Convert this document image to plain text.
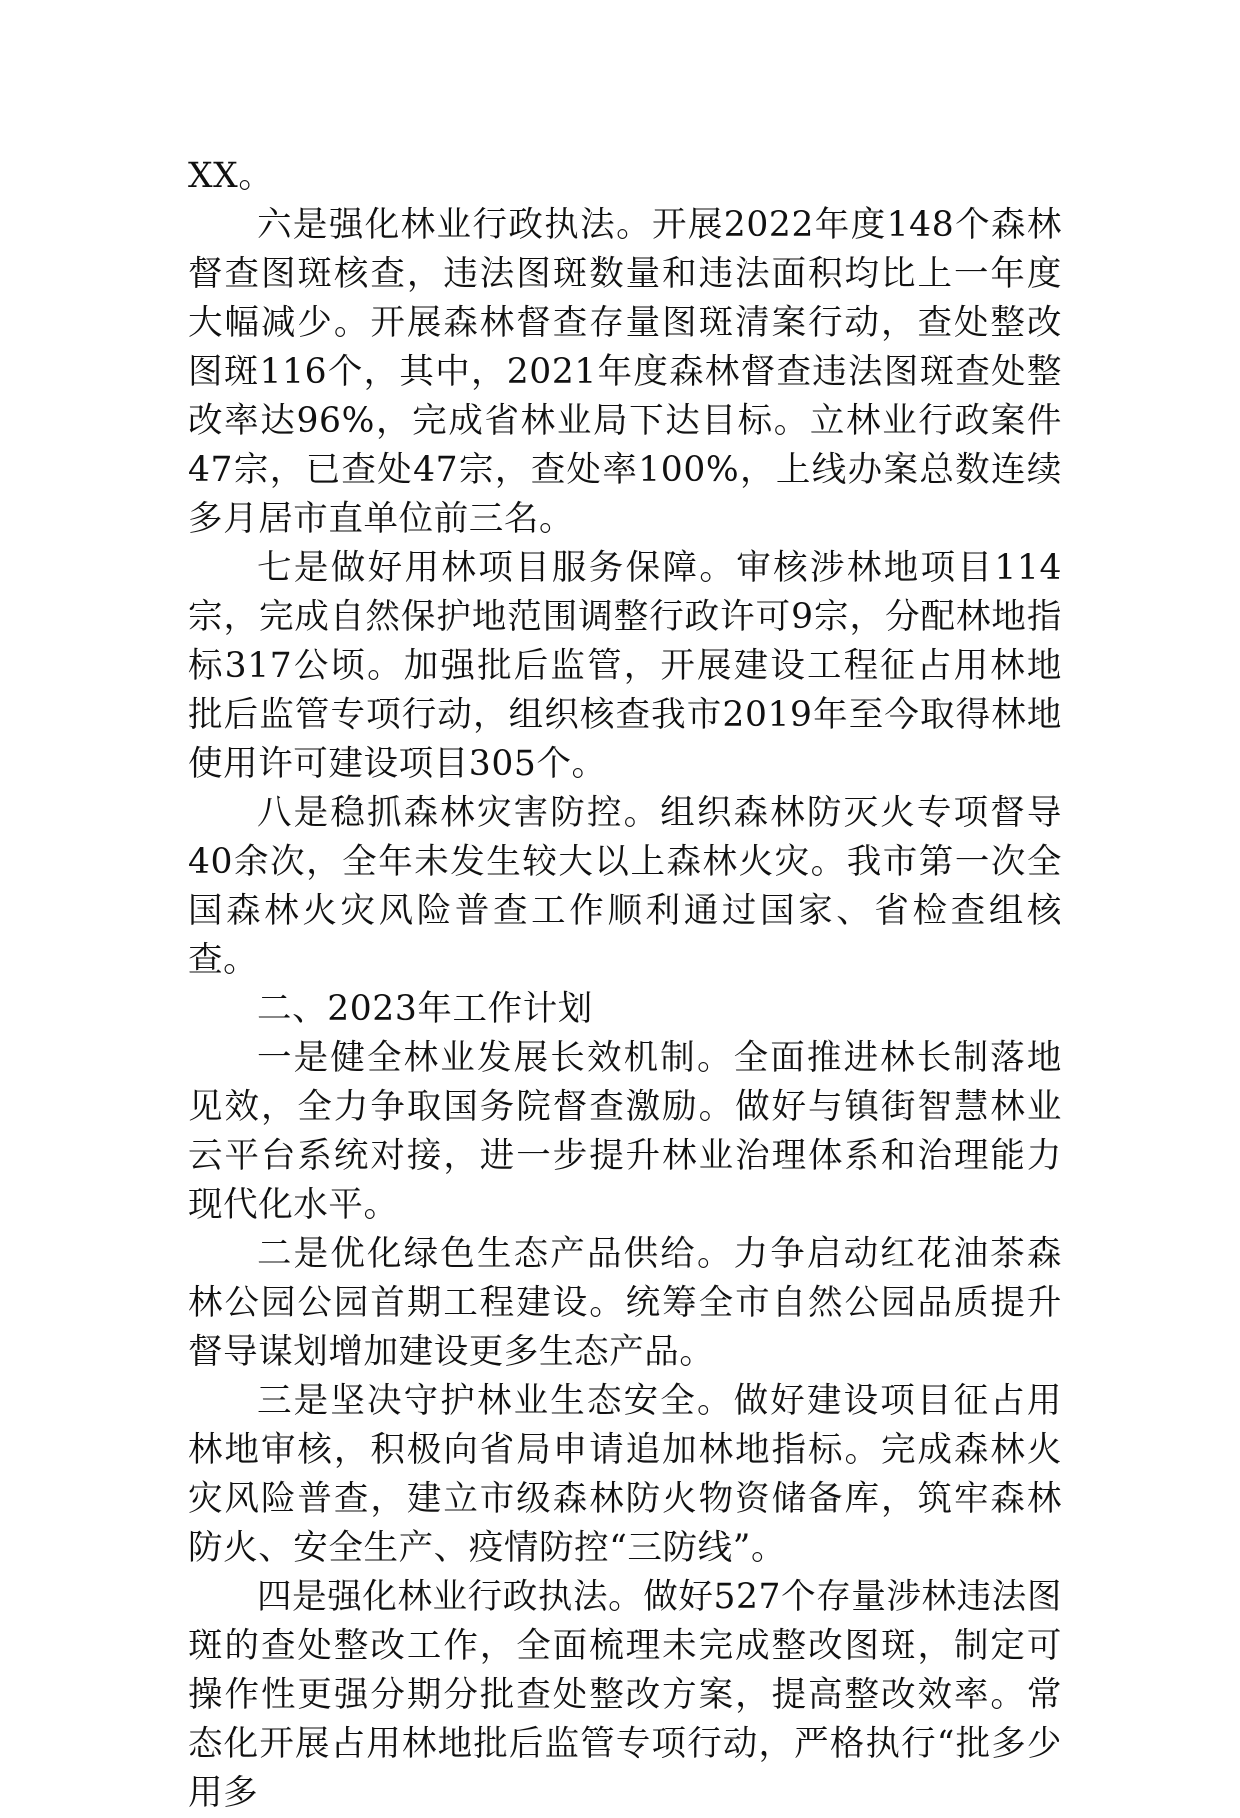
XX。

六是强化林业行政执法。开展2022年度148个森林督查图斑核查，违法图斑数量和违法面积均比上一年度大幅减少。开展森林督查存量图斑清案行动，查处整改图斑116个，其中，2021年度森林督查违法图斑查处整改率达96%，完成省林业局下达目标。立林业行政案件47宗，已查处47宗，查处率100%，上线办案总数连续多月居市直单位前三名。

七是做好用林项目服务保障。审核涉林地项目114宗，完成自然保护地范围调整行政许可9宗，分配林地指标317公顷。加强批后监管，开展建设工程征占用林地批后监管专项行动，组织核查我市2019年至今取得林地使用许可建设项目305个。

八是稳抓森林灾害防控。组织森林防灭火专项督导40余次，全年未发生较大以上森林火灾。我市第一次全国森林火灾风险普查工作顺利通过国家、省检查组核查。

二、2023年工作计划

一是健全林业发展长效机制。全面推进林长制落地见效，全力争取国务院督查激励。做好与镇街智慧林业云平台系统对接，进一步提升林业治理体系和治理能力现代化水平。

二是优化绿色生态产品供给。力争启动红花油茶森林公园公园首期工程建设。统筹全市自然公园品质提升督导谋划增加建设更多生态产品。

三是坚决守护林业生态安全。做好建设项目征占用林地审核，积极向省局申请追加林地指标。完成森林火灾风险普查，建立市级森林防火物资储备库，筑牢森林防火、安全生产、疫情防控“三防线”。

四是强化林业行政执法。做好527个存量涉林违法图斑的查处整改工作，全面梳理未完成整改图斑，制定可操作性更强分期分批查处整改方案，提高整改效率。常态化开展占用林地批后监管专项行动，严格执行“批多少用多
